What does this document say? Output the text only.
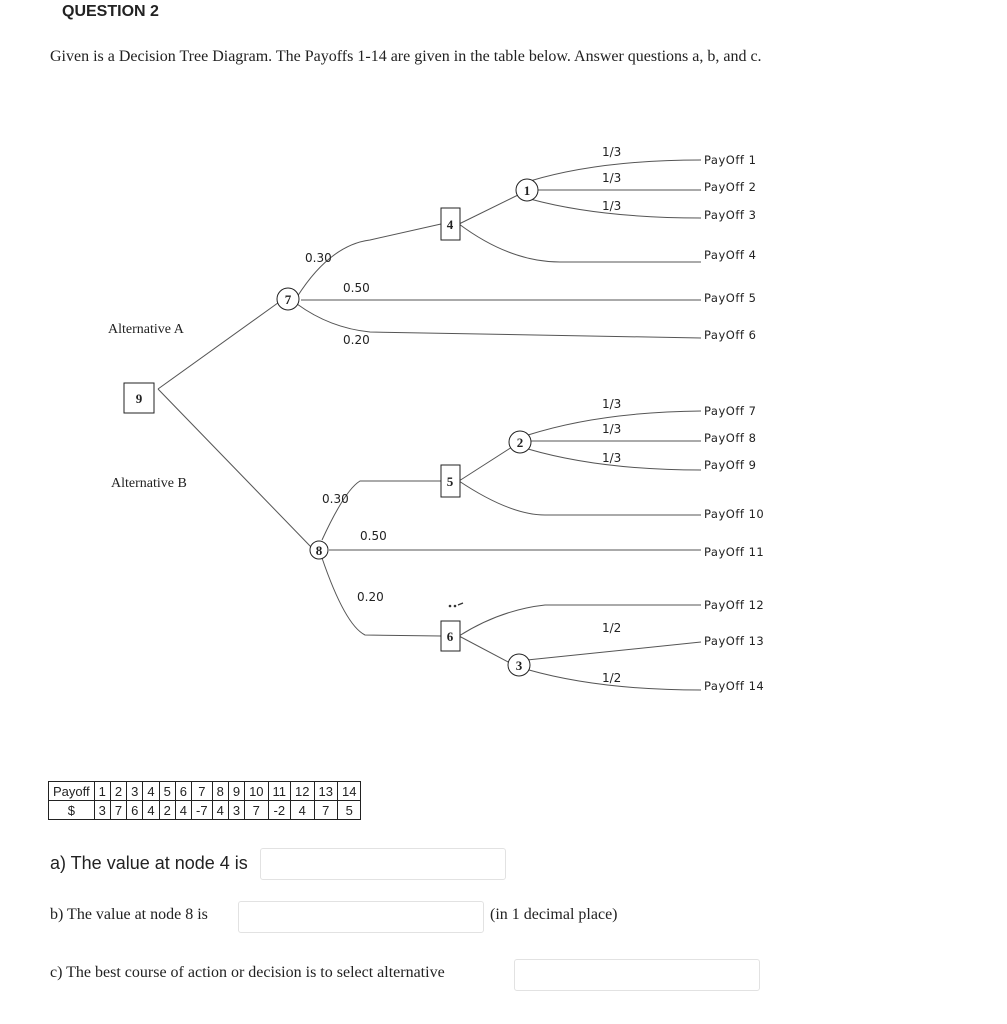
QUESTION 2
Given is a Decision Tree Diagram. The Payoffs 1-14 are given in the table below. Answer questions a, b, and c.
9
4
5
6
7
8
1
2
3
Alternative A
Alternative B
0.30
0.50
0.20
0.30
0.50
0.20
1/3
1/3
1/3
1/3
1/3
1/3
1/2
1/2
PayOff 1
PayOff 2
PayOff 3
PayOff 4
PayOff 5
PayOff 6
PayOff 7
PayOff 8
PayOff 9
PayOff 10
PayOff 11
PayOff 12
PayOff 13
PayOff 14
Payoff	1	2	3	4	5	6	7	8	9	10	11	12	13	14
$	3	7	6	4	2	4	-7	4	3	7	-2	4	7	5
a) The value at node 4 is
b) The value at node 8 is	(in 1 decimal place)
c) The best course of action or decision is to select alternative
